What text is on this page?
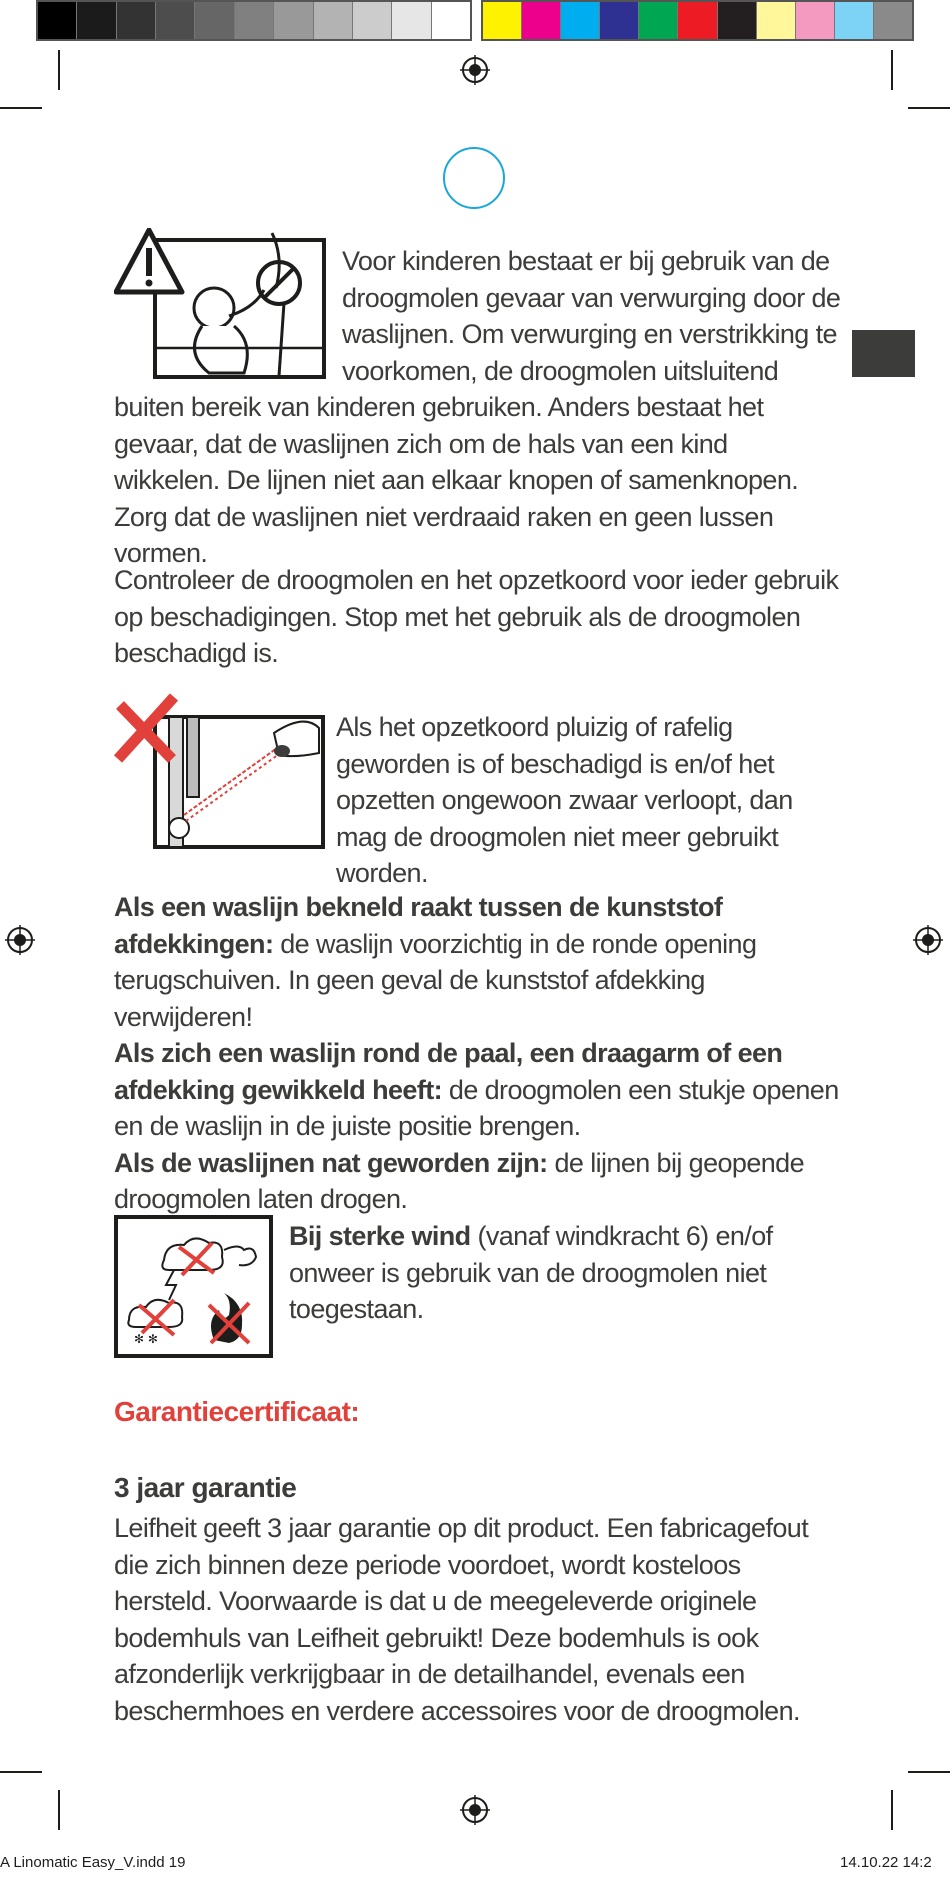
Voor kinderen bestaat er bij gebruik van de
droogmolen gevaar van verwurging door de
waslijnen. Om verwurging en verstrikking te
voorkomen, de droogmolen uitsluitend

buiten bereik van kinderen gebruiken. Anders bestaat het gevaar, dat de waslijnen zich om de hals van een kind wikkelen. De lijnen niet aan elkaar knopen of samenknopen. Zorg dat de waslijnen niet verdraaid raken en geen lussen vormen.

Controleer de droogmolen en het opzetkoord voor ieder gebruik op beschadigingen. Stop met het gebruik als de droogmolen beschadigd is.

Als het opzetkoord pluizig of rafelig geworden is of beschadigd is en/of het opzetten ongewoon zwaar verloopt, dan mag de droogmolen niet meer gebruikt worden.

Als een waslijn bekneld raakt tussen de kunststof afdekkingen: de waslijn voorzichtig in de ronde opening terugschuiven. In geen geval de kunststof afdekking verwijderen!
Als zich een waslijn rond de paal, een draagarm of een afdekking gewikkeld heeft: de droogmolen een stukje openen en de waslijn in de juiste positie brengen.
Als de waslijnen nat geworden zijn: de lijnen bij geopende droogmolen laten drogen.
✻ ✻
Bij sterke wind (vanaf windkracht 6) en/of onweer is gebruik van de droogmolen niet toegestaan.
Garantiecertificaat:
3 jaar garantie

Leifheit geeft 3 jaar garantie op dit product. Een fabricagefout die zich binnen deze periode voordoet, wordt kosteloos hersteld. Voorwaarde is dat u de meegeleverde originele bodemhuls van Leifheit gebruikt! Deze bodemhuls is ook afzonderlijk verkrijgbaar in de detailhandel, evenals een beschermhoes en verdere accessoires voor de droogmolen.

A Linomatic Easy_V.indd 19	14.10.22 14:2
